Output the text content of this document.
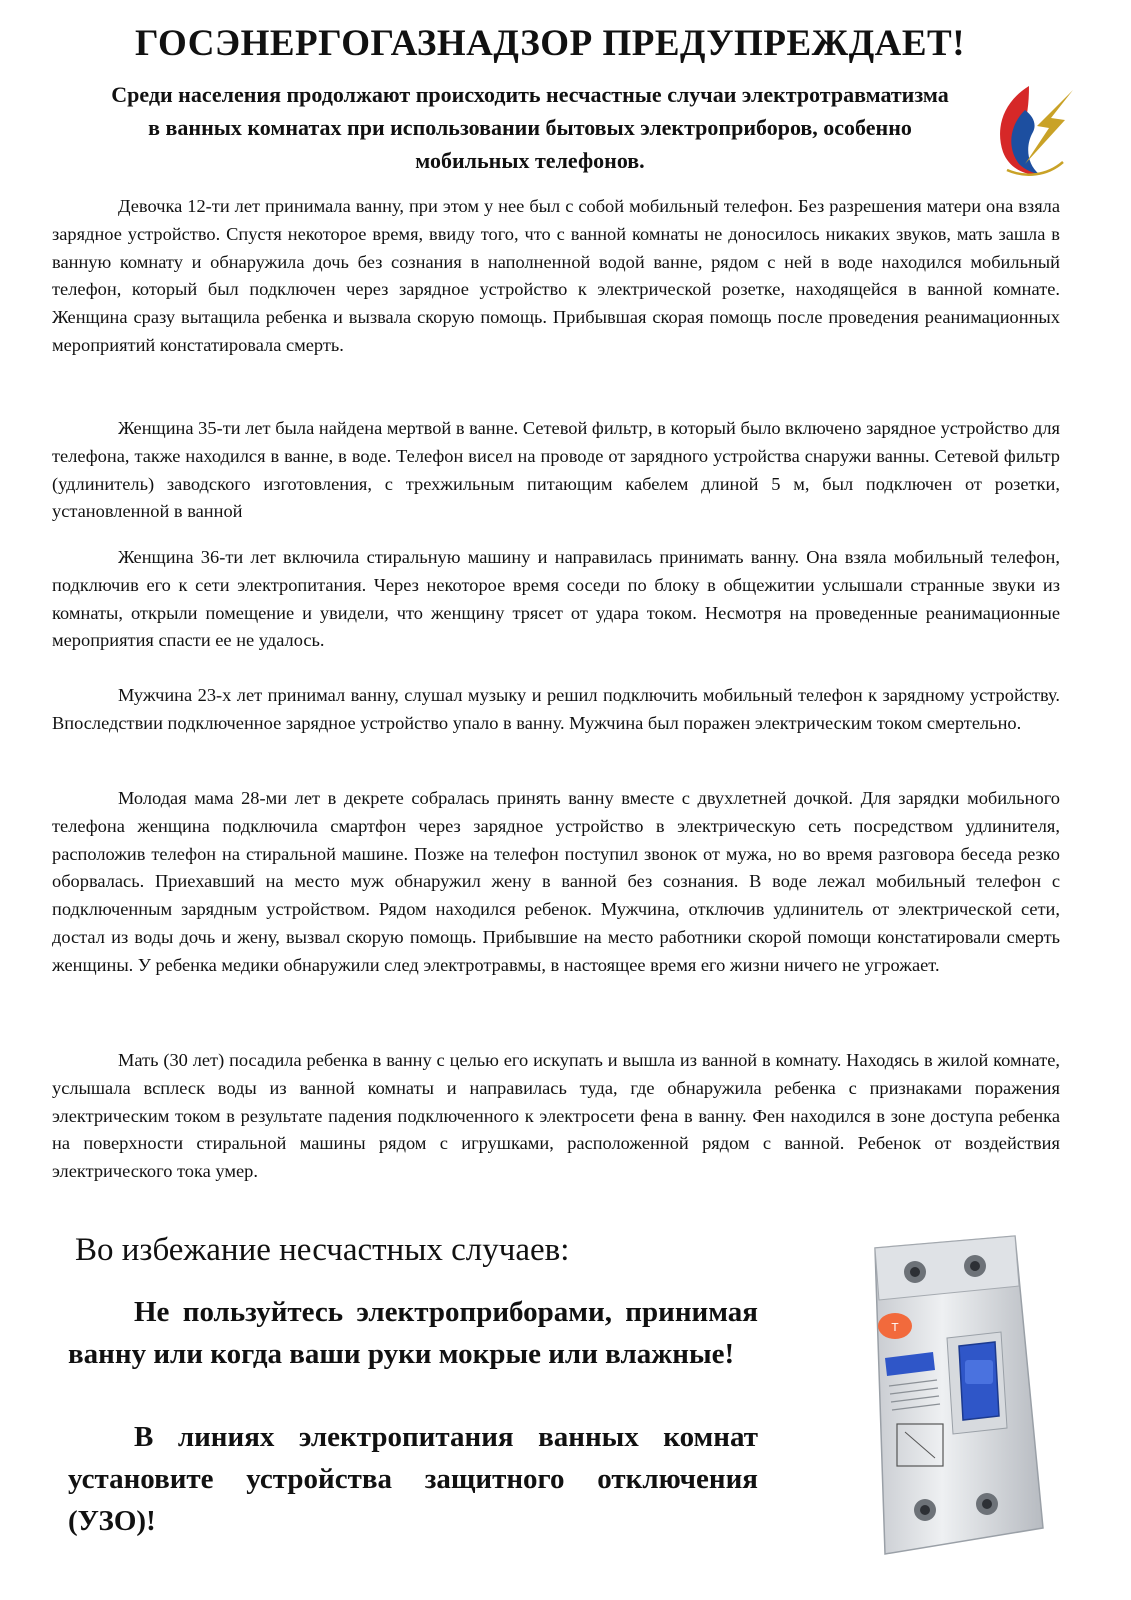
ГОСЭНЕРГОГАЗНАДЗОР ПРЕДУПРЕЖДАЕТ!

Среди населения продолжают происходить несчастные случаи электротравматизма в ванных комнатах при использовании бытовых электроприборов, особенно мобильных телефонов.

Девочка 12-ти лет принимала ванну, при этом у нее был с собой мобильный телефон. Без разрешения матери она взяла зарядное устройство. Спустя некоторое время, ввиду того, что с ванной комнаты не доносилось никаких звуков, мать зашла в ванную комнату и обнаружила дочь без сознания в наполненной водой ванне, рядом с ней в воде находился мобильный телефон, который был подключен через зарядное устройство к электрической розетке, находящейся в ванной комнате. Женщина сразу вытащила ребенка и вызвала скорую помощь. Прибывшая скорая помощь после проведения реанимационных мероприятий констатировала смерть.

Женщина 35-ти лет была найдена мертвой в ванне. Сетевой фильтр, в который было включено зарядное устройство для телефона, также находился в ванне, в воде. Телефон висел на проводе от зарядного устройства снаружи ванны. Сетевой фильтр (удлинитель) заводского изготовления, с трехжильным питающим кабелем длиной 5 м, был подключен от розетки, установленной в ванной

Женщина 36-ти лет включила стиральную машину и направилась принимать ванну. Она взяла мобильный телефон, подключив его к сети электропитания. Через некоторое время соседи по блоку в общежитии услышали странные звуки из комнаты, открыли помещение и увидели, что женщину трясет от удара током. Несмотря на проведенные реанимационные мероприятия спасти ее не удалось.

Мужчина 23-х лет принимал ванну, слушал музыку и решил подключить мобильный телефон к зарядному устройству. Впоследствии подключенное зарядное устройство упало в ванну. Мужчина был поражен электрическим током смертельно.

Молодая мама 28-ми лет в декрете собралась принять ванну вместе с двухлетней дочкой. Для зарядки мобильного телефона женщина подключила смартфон через зарядное устройство в электрическую сеть посредством удлинителя, расположив телефон на стиральной машине. Позже на телефон поступил звонок от мужа, но во время разговора беседа резко оборвалась. Приехавший на место муж обнаружил жену в ванной без сознания. В воде лежал мобильный телефон с подключенным зарядным устройством. Рядом находился ребенок. Мужчина, отключив удлинитель от электрической сети, достал из воды дочь и жену, вызвал скорую помощь. Прибывшие на место работники скорой помощи констатировали смерть женщины. У ребенка медики обнаружили след электротравмы, в настоящее время его жизни ничего не угрожает.

Мать (30 лет) посадила ребенка в ванну с целью его искупать и вышла из ванной в комнату. Находясь в жилой комнате, услышала всплеск воды из ванной комнаты и направилась туда, где обнаружила ребенка с признаками поражения электрическим током в результате падения подключенного к электросети фена в ванну. Фен находился в зоне доступа ребенка на поверхности стиральной машины рядом с игрушками, расположенной рядом с ванной. Ребенок от воздействия электрического тока умер.

Во избежание несчастных случаев:

Не пользуйтесь электроприборами, принимая ванну или когда ваши руки мокрые или влажные!

В линиях электропитания ванных комнат установите устройства защитного отключения (УЗО)!

T
